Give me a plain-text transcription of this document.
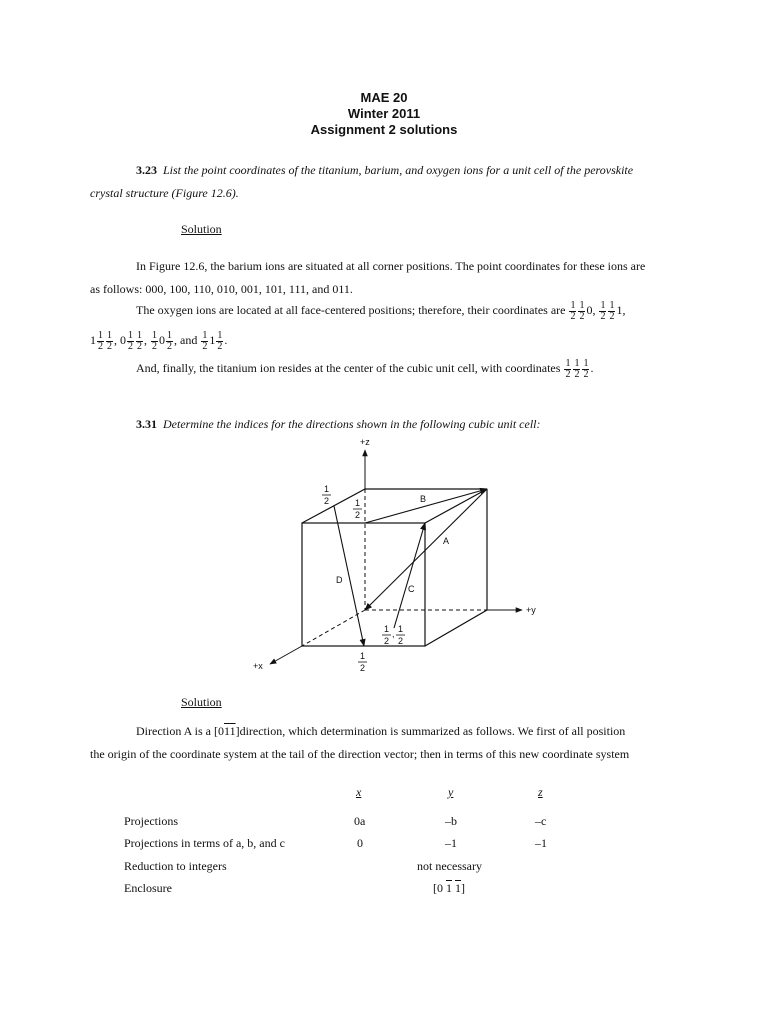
MAE 20
Winter 2011
Assignment 2 solutions
3.23 List the point coordinates of the titanium, barium, and oxygen ions for a unit cell of the perovskite
crystal structure (Figure 12.6).
Solution
In Figure 12.6, the barium ions are situated at all corner positions. The point coordinates for these ions are
as follows: 000, 100, 110, 010, 001, 101, 111, and 011.
The oxygen ions are located at all face-centered positions; therefore, their coordinates are $\frac{1}{2} \frac{1}{2} 0$, $\frac{1}{2} \frac{1}{2} 1$,
$1 \frac{1}{2} \frac{1}{2}$ , $0 \frac{1}{2} \frac{1}{2}$ , $\frac{1}{2} 0 \frac{1}{2}$ , and $\frac{1}{2} 1 \frac{1}{2}$ .
And, finally, the titanium ion resides at the center of the cubic unit cell, with coordinates $\frac{1}{2} \frac{1}{2} \frac{1}{2}$ .
3.31 Determine the indices for the directions shown in the following cubic unit cell:
+z
+y
+x
A
B
C
D
1
2	1
2
1
2
, 1
2
1
2
Solution
Direction A is a [011]direction, which determination is summarized as follows. We first of all position
the origin of the coordinate system at the tail of the direction vector; then in terms of this new coordinate system
x	y	z
Projections	0a	–b	–c
Projections in terms of a, b, and c	0	–1	–1
Reduction to integers	not necessary
Enclosure	[0 1 1]
